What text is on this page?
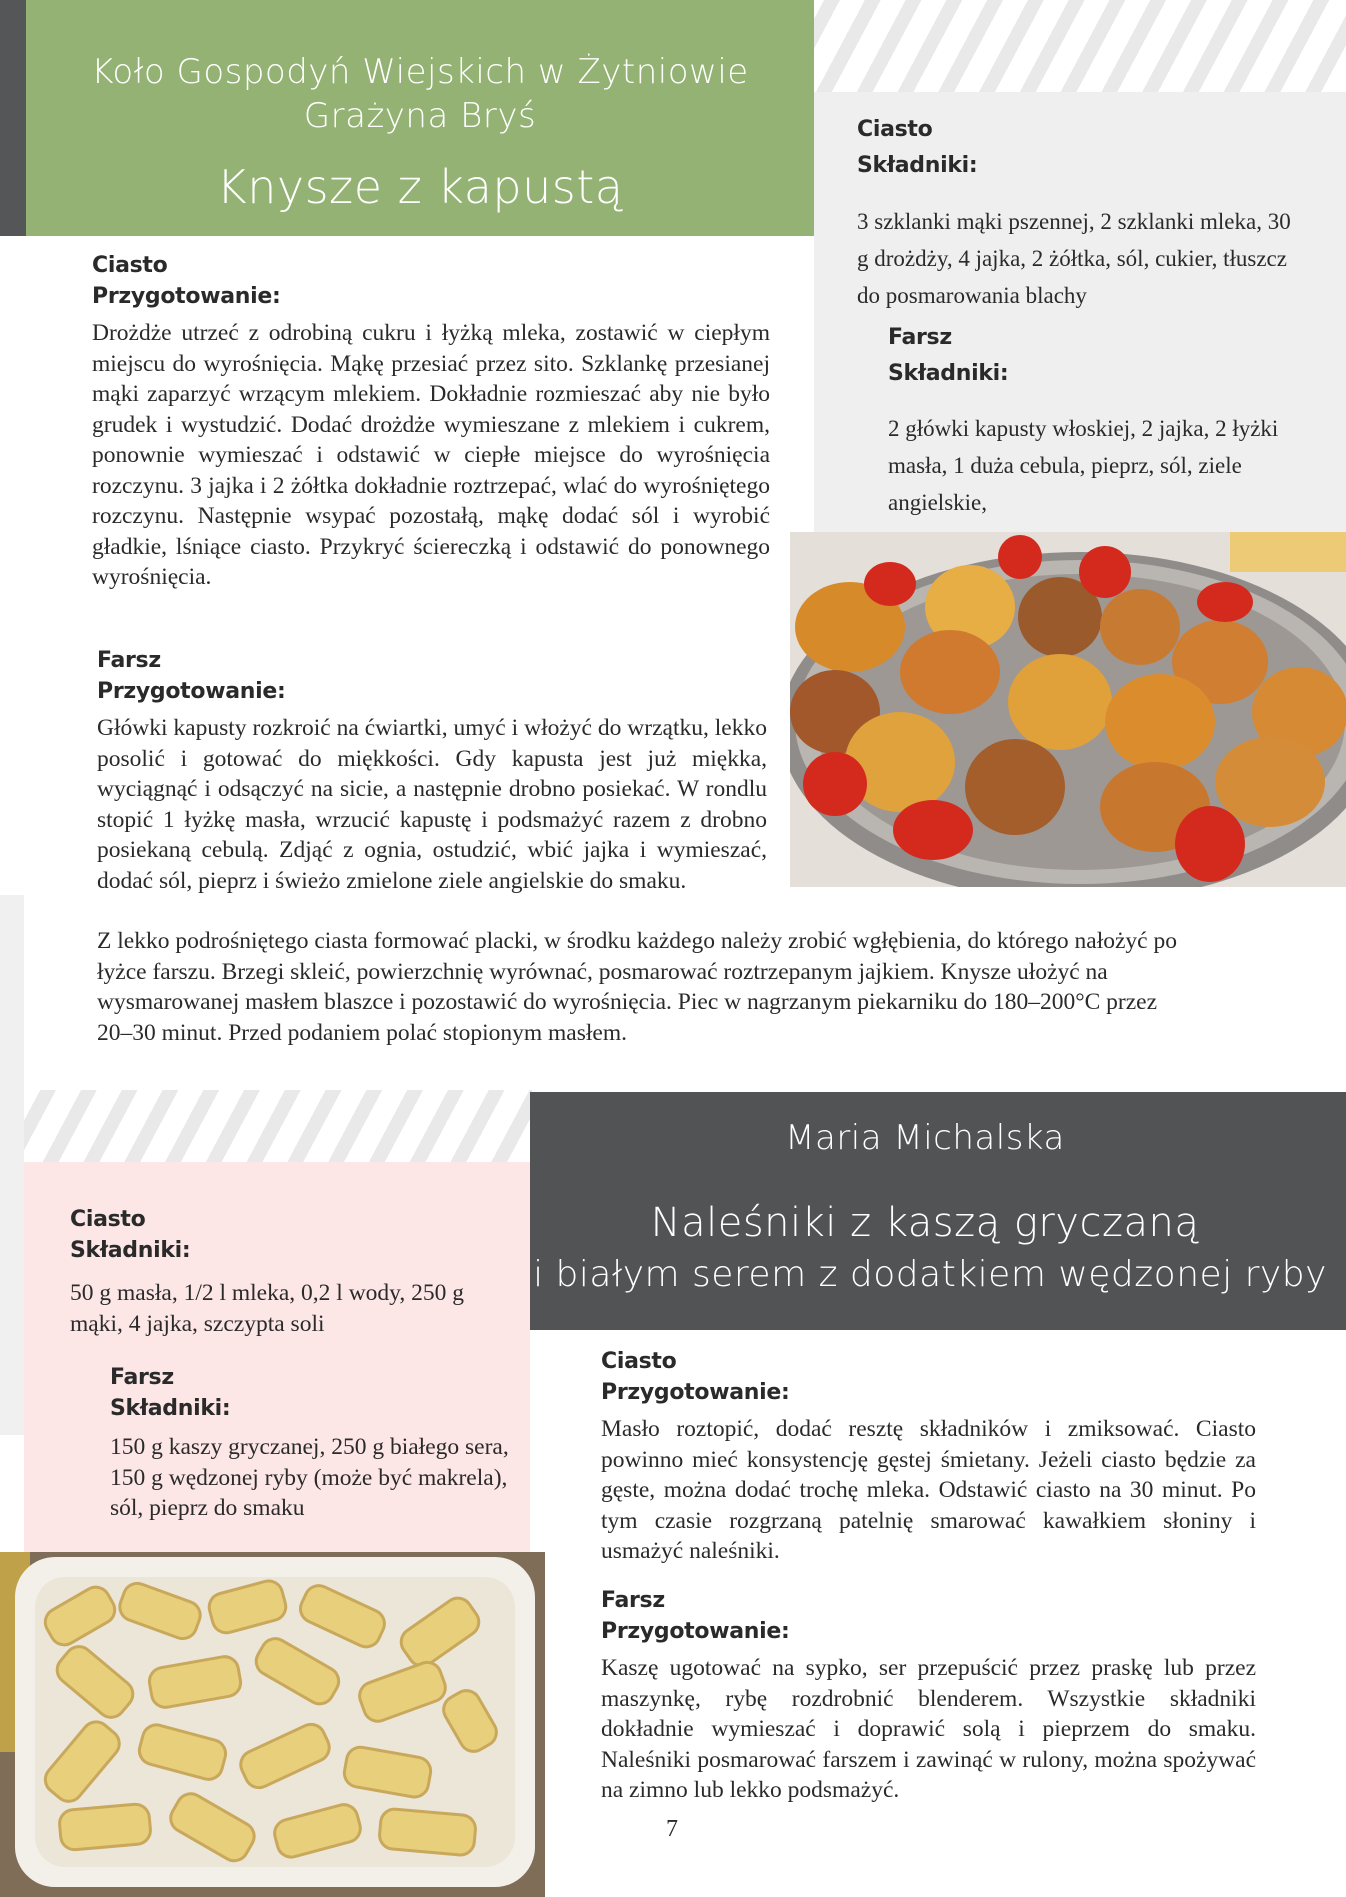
Koło Gospodyń Wiejskich w Żytniowie
Grażyna Bryś
Knysze z kapustą
Ciasto
Składniki:
3 szklanki mąki pszennej, 2 szklanki mleka, 30 g drożdży, 4 jajka, 2 żółtka, sól, cukier, tłuszcz do posmarowania blachy
Farsz
Składniki:
2 główki kapusty włoskiej, 2 jajka, 2 łyżki masła, 1 duża cebula, pieprz, sól, ziele angielskie,
Ciasto
Przygotowanie:
Drożdże utrzeć z odrobiną cukru i łyżką mleka, zostawić w ciepłym miejscu do wyrośnięcia. Mąkę przesiać przez sito. Szklankę przesianej mąki zaparzyć wrzącym mlekiem. Dokładnie rozmieszać aby nie było grudek i wystudzić. Dodać drożdże wymieszane z mlekiem i cukrem, ponownie wymieszać i odstawić w ciepłe miejsce do wyrośnięcia rozczynu. 3 jajka i 2 żółtka dokładnie roztrzepać, wlać do wyrośniętego rozczynu. Następnie wsypać pozostałą, mąkę dodać sól i wyrobić gładkie, lśniące ciasto. Przykryć ściereczką i odstawić do ponownego wyrośnięcia.
Farsz
Przygotowanie:
Główki kapusty rozkroić na ćwiartki, umyć i włożyć do wrzątku, lekko posolić i gotować do miękkości. Gdy kapusta jest już miękka, wyciągnąć i odsączyć na sicie, a następnie drobno posiekać. W rondlu stopić 1 łyżkę masła, wrzucić kapustę i podsmażyć razem z drobno posiekaną cebulą. Zdjąć z ognia, ostudzić, wbić jajka i wymieszać, dodać sól, pieprz i świeżo zmielone ziele angielskie do smaku.
Z lekko podrośniętego ciasta formować placki, w środku każdego należy zrobić wgłębienia, do którego nałożyć po łyżce farszu. Brzegi skleić, powierzchnię wyrównać, posmarować roztrzepanym jajkiem. Knysze ułożyć na wysmarowanej masłem blaszce i pozostawić do wyrośnięcia. Piec w nagrzanym piekarniku do 180–200°C przez 20–30 minut. Przed podaniem polać stopionym masłem.
Maria Michalska
Naleśniki z kaszą gryczaną
i białym serem z dodatkiem wędzonej ryby
Ciasto
Składniki:
50 g masła, 1/2 l mleka, 0,2 l wody, 250 g mąki, 4 jajka, szczypta soli
Farsz
Składniki:
150 g kaszy gryczanej, 250 g białego sera, 150 g wędzonej ryby (może być makrela), sól, pieprz do smaku
Ciasto
Przygotowanie:
Masło roztopić, dodać resztę składników i zmiksować. Ciasto powinno mieć konsystencję gęstej śmietany. Jeżeli ciasto będzie za gęste, można dodać trochę mleka. Odstawić ciasto na 30 minut. Po tym czasie rozgrzaną patelnię smarować kawałkiem słoniny i usmażyć naleśniki.
Farsz
Przygotowanie:
Kaszę ugotować na sypko, ser przepuścić przez praskę lub przez maszynkę, rybę rozdrobnić blenderem. Wszystkie składniki dokładnie wymieszać i doprawić solą i pieprzem do smaku. Naleśniki posmarować farszem i zawinąć w rulony, można spożywać na zimno lub lekko podsmażyć.
7
